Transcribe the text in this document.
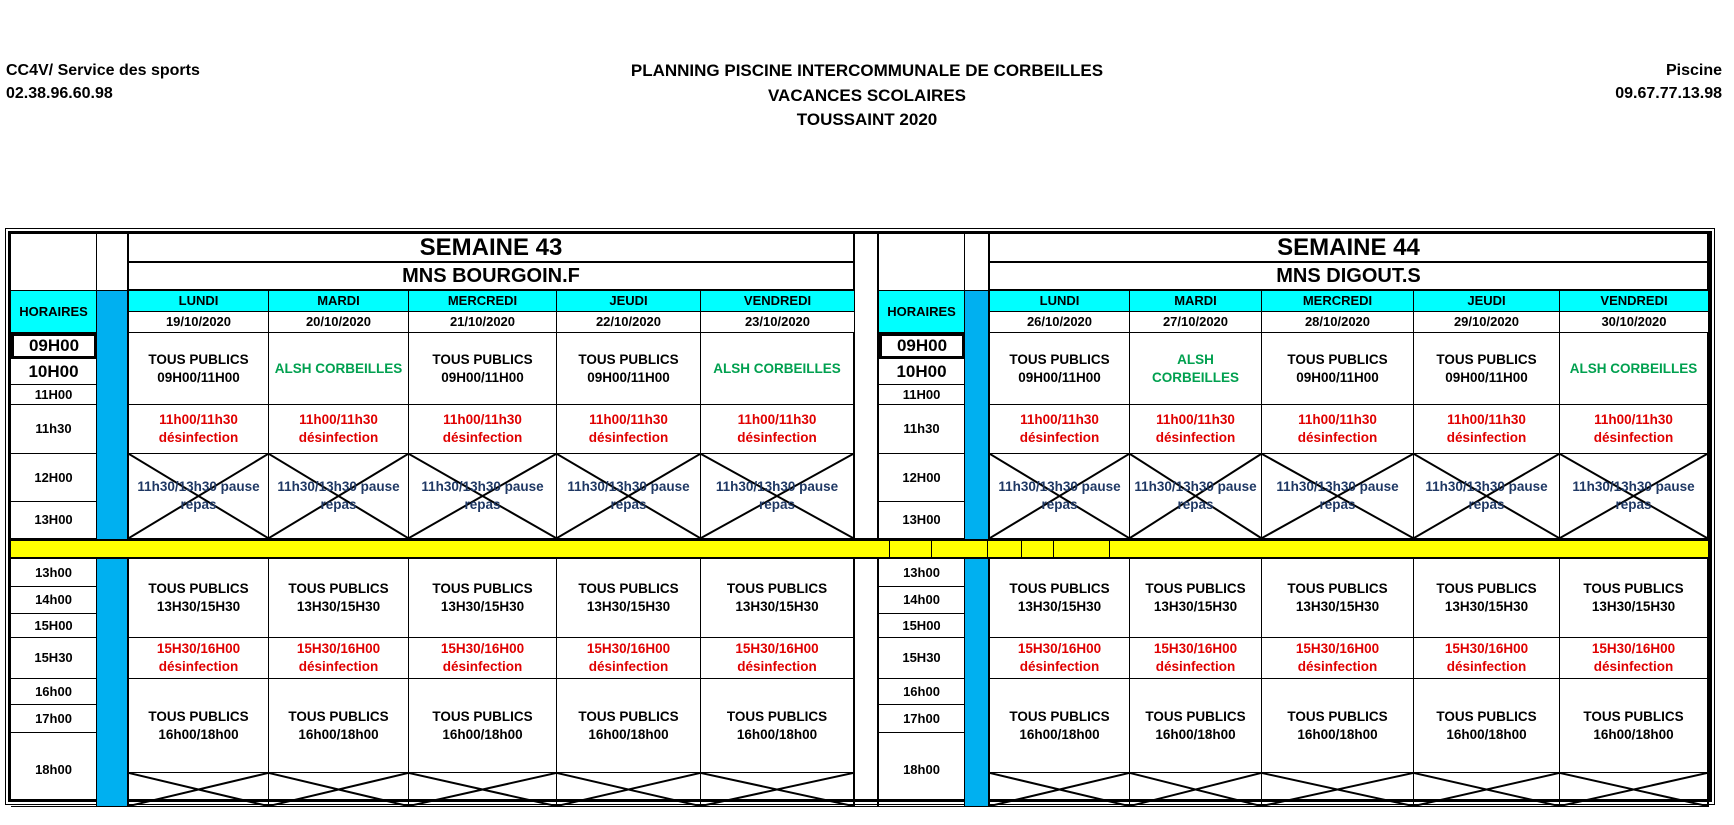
CC4V/ Service des sports
02.38.96.60.98
PLANNING PISCINE INTERCOMMUNALE DE CORBEILLES
VACANCES SCOLAIRES
TOUSSAINT 2020
Piscine
09.67.77.13.98
SEMAINE 43
MNS BOURGOIN.F
HORAIRES
LUNDI
19/10/2020
MARDI
20/10/2020
MERCREDI
21/10/2020
JEUDI
22/10/2020
VENDREDI
23/10/2020
09H00
10H00
11H00
11h30
12H00
13H00
TOUS PUBLICS
09H00/11H00
11h00/11h30
désinfection
11h30/13h30 pause repas
TOUS PUBLICS
13H30/15H30
15H30/16H00
désinfection
TOUS PUBLICS
16h00/18h00
ALSH CORBEILLES
11h00/11h30
désinfection
11h30/13h30 pause repas
TOUS PUBLICS
13H30/15H30
15H30/16H00
désinfection
TOUS PUBLICS
16h00/18h00
TOUS PUBLICS
09H00/11H00
11h00/11h30
désinfection
11h30/13h30 pause repas
TOUS PUBLICS
13H30/15H30
15H30/16H00
désinfection
TOUS PUBLICS
16h00/18h00
TOUS PUBLICS
09H00/11H00
11h00/11h30
désinfection
11h30/13h30 pause repas
TOUS PUBLICS
13H30/15H30
15H30/16H00
désinfection
TOUS PUBLICS
16h00/18h00
ALSH CORBEILLES
11h00/11h30
désinfection
11h30/13h30 pause repas
TOUS PUBLICS
13H30/15H30
15H30/16H00
désinfection
TOUS PUBLICS
16h00/18h00
13h00
14h00
15H00
15H30
16h00
17h00
18h00
SEMAINE 44
MNS DIGOUT.S
HORAIRES
LUNDI
26/10/2020
MARDI
27/10/2020
MERCREDI
28/10/2020
JEUDI
29/10/2020
VENDREDI
30/10/2020
09H00
10H00
11H00
11h30
12H00
13H00
TOUS PUBLICS
09H00/11H00
11h00/11h30
désinfection
11h30/13h30 pause repas
TOUS PUBLICS
13H30/15H30
15H30/16H00
désinfection
TOUS PUBLICS
16h00/18h00
ALSH
CORBEILLES
11h00/11h30
désinfection
11h30/13h30 pause repas
TOUS PUBLICS
13H30/15H30
15H30/16H00
désinfection
TOUS PUBLICS
16h00/18h00
TOUS PUBLICS
09H00/11H00
11h00/11h30
désinfection
11h30/13h30 pause repas
TOUS PUBLICS
13H30/15H30
15H30/16H00
désinfection
TOUS PUBLICS
16h00/18h00
TOUS PUBLICS
09H00/11H00
11h00/11h30
désinfection
11h30/13h30 pause repas
TOUS PUBLICS
13H30/15H30
15H30/16H00
désinfection
TOUS PUBLICS
16h00/18h00
ALSH CORBEILLES
11h00/11h30
désinfection
11h30/13h30 pause repas
TOUS PUBLICS
13H30/15H30
15H30/16H00
désinfection
TOUS PUBLICS
16h00/18h00
13h00
14h00
15H00
15H30
16h00
17h00
18h00
